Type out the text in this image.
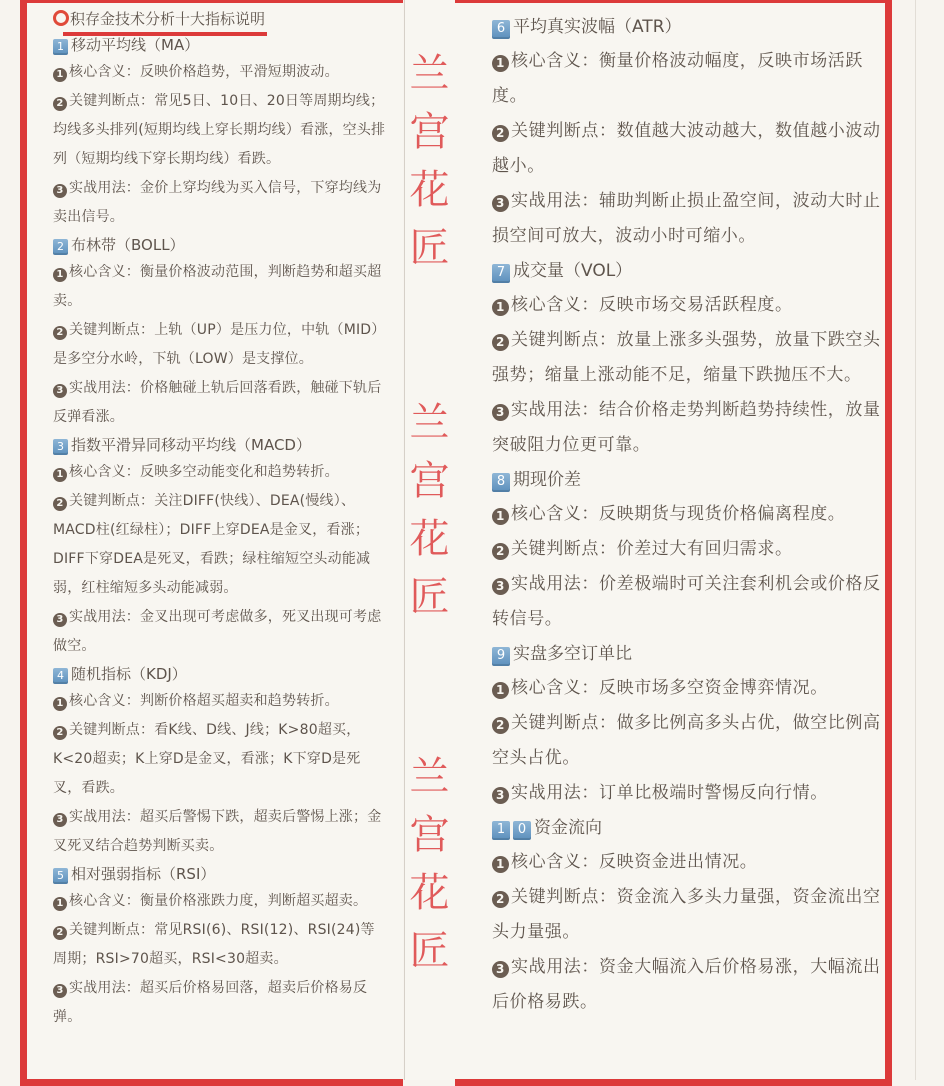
兰
宫
花
匠
兰
宫
花
匠
兰
宫
花
匠
积存金技术分析十大指标说明
1 移动平均线（MA）

1 核心含义：反映价格趋势，平滑短期波动。

2 关键判断点：常见5日、10日、20日等周期均线；均线多头排列(短期均线上穿长期均线）看涨，空头排列（短期均线下穿长期均线）看跌。

3 实战用法：金价上穿均线为买入信号，下穿均线为卖出信号。

2 布林带（BOLL）

1 核心含义：衡量价格波动范围，判断趋势和超买超卖。

2 关键判断点：上轨（UP）是压力位，中轨（MID）是多空分水岭，下轨（LOW）是支撑位。

3 实战用法：价格触碰上轨后回落看跌，触碰下轨后反弹看涨。

3 指数平滑异同移动平均线（MACD）

1 核心含义：反映多空动能变化和趋势转折。

2 关键判断点：关注DIFF(快线）、DEA(慢线）、MACD柱(红绿柱）；DIFF上穿DEA是金叉，看涨；DIFF下穿DEA是死叉，看跌；绿柱缩短空头动能减弱，红柱缩短多头动能减弱。

3 实战用法：金叉出现可考虑做多，死叉出现可考虑做空。

4 随机指标（KDJ）

1 核心含义：判断价格超买超卖和趋势转折。

2 关键判断点：看K线、D线、J线；K>80超买，K<20超卖；K上穿D是金叉，看涨；K下穿D是死叉，看跌。

3 实战用法：超买后警惕下跌，超卖后警惕上涨；金叉死叉结合趋势判断买卖。

5 相对强弱指标（RSI）

1 核心含义：衡量价格涨跌力度，判断超买超卖。

2 关键判断点：常见RSI(6)、RSI(12)、RSI(24)等周期；RSI>70超买，RSI<30超卖。

3 实战用法：超买后价格易回落，超卖后价格易反弹。

6 平均真实波幅（ATR）

1 核心含义：衡量价格波动幅度，反映市场活跃度。

2 关键判断点：数值越大波动越大，数值越小波动越小。

3 实战用法：辅助判断止损止盈空间，波动大时止损空间可放大，波动小时可缩小。

7 成交量（VOL）

1 核心含义：反映市场交易活跃程度。

2 关键判断点：放量上涨多头强势，放量下跌空头强势；缩量上涨动能不足，缩量下跌抛压不大。

3 实战用法：结合价格走势判断趋势持续性，放量突破阻力位更可靠。

8 期现价差

1 核心含义：反映期货与现货价格偏离程度。

2 关键判断点：价差过大有回归需求。

3 实战用法：价差极端时可关注套利机会或价格反转信号。

9 实盘多空订单比

1 核心含义：反映市场多空资金博弈情况。

2 关键判断点：做多比例高多头占优，做空比例高空头占优。

3 实战用法：订单比极端时警惕反向行情。

1 0 资金流向

1 核心含义：反映资金进出情况。

2 关键判断点：资金流入多头力量强，资金流出空头力量强。

3 实战用法：资金大幅流入后价格易涨，大幅流出后价格易跌。
